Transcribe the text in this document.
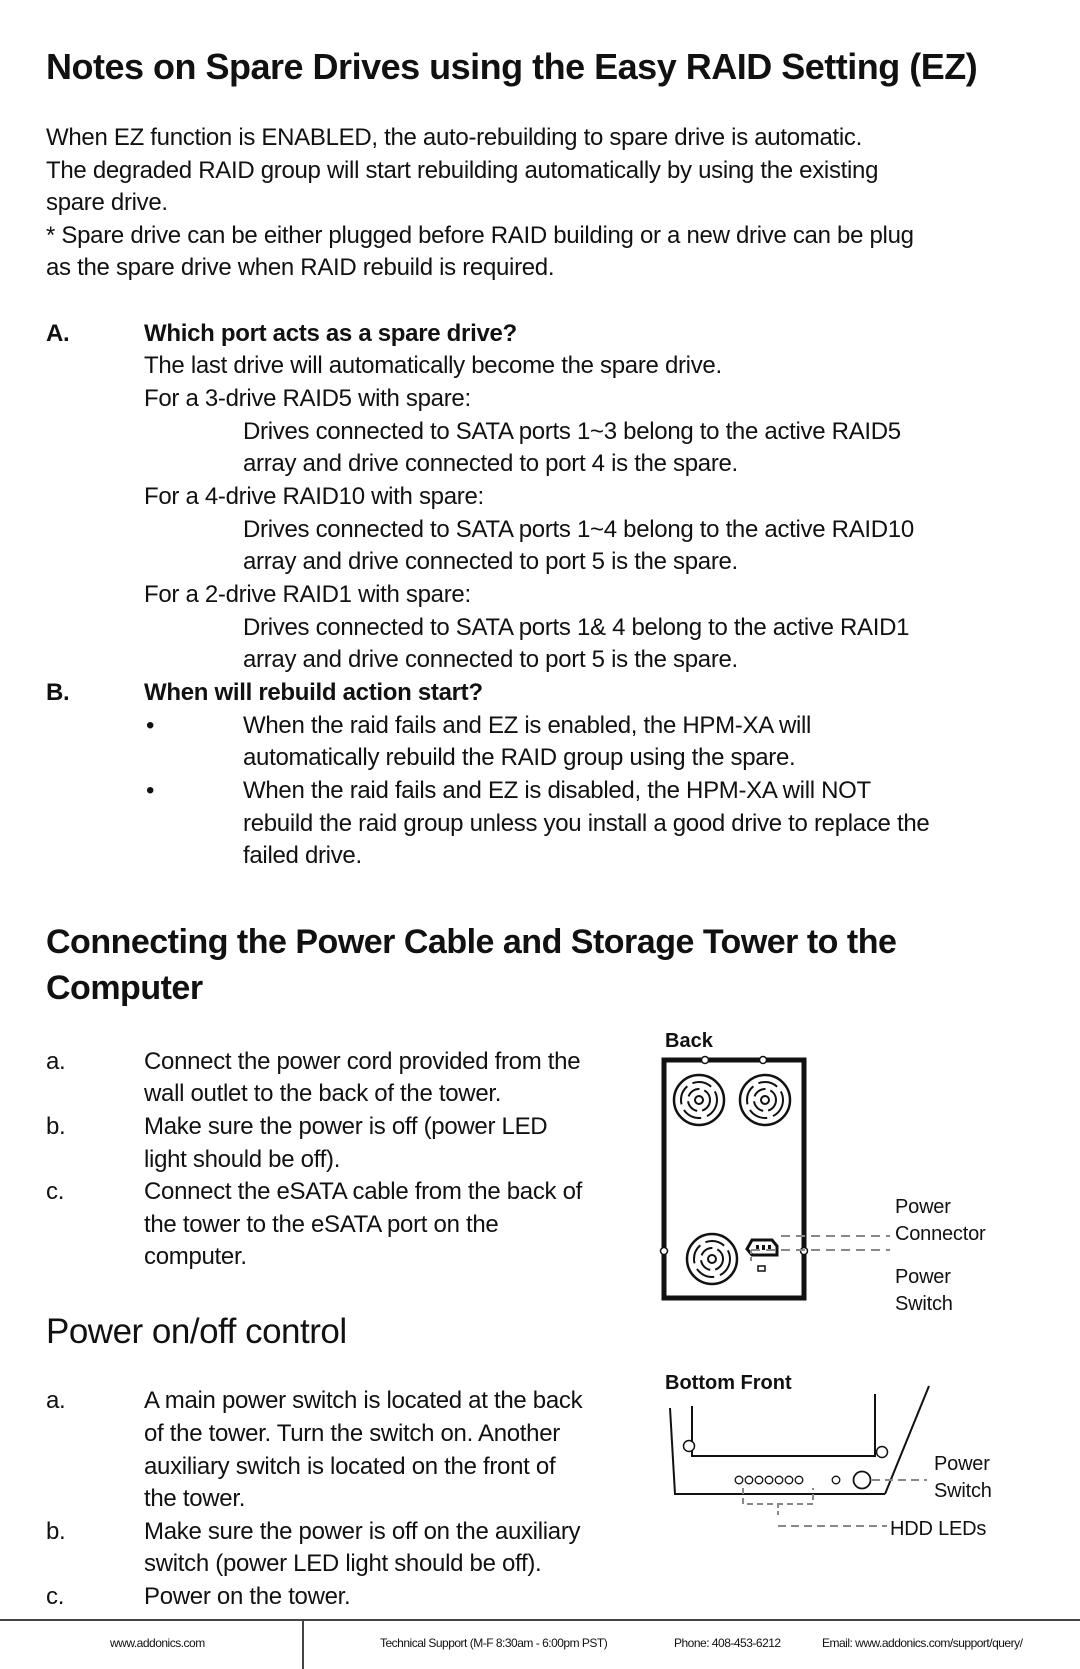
Notes on Spare Drives using the Easy RAID Setting (EZ)
When EZ function is ENABLED, the auto-rebuilding to spare drive is automatic.
The degraded RAID group will start rebuilding automatically by using the existing
spare drive.
* Spare drive can be either plugged before RAID building or a new drive can be plug
as the spare drive when RAID rebuild is required.
A.	Which port acts as a spare drive?
The last drive will automatically become the spare drive.
For a 3-drive RAID5 with spare:
Drives connected to SATA ports 1~3 belong to the active RAID5
array and drive connected to port 4 is the spare.
For a 4-drive RAID10 with spare:
Drives connected to SATA ports 1~4 belong to the active RAID10
array and drive connected to port 5 is the spare.
For a 2-drive RAID1 with spare:
Drives connected to SATA ports 1& 4 belong to the active RAID1
array and drive connected to port 5 is the spare.
B.	When will rebuild action start?
•	When the raid fails and EZ is enabled, the HPM-XA will
automatically rebuild the RAID group using the spare.
•	When the raid fails and EZ is disabled, the HPM-XA will NOT
rebuild the raid group unless you install a good drive to replace the
failed drive.
Connecting the Power Cable and Storage Tower to the
Computer
a.	Connect the power cord provided from the
wall outlet to the back of the tower.
b.	Make sure the power is off (power LED
light should be off).
c.	Connect the eSATA cable from the back of
the tower to the eSATA port on the
computer.
Power on/off control
a.	A main power switch is located at the back
of the tower. Turn the switch on. Another
auxiliary switch is located on the front of
the tower.
b.	Make sure the power is off on the auxiliary
switch (power LED light should be off).
c.	Power on the tower.
Back
Power
Connector
Power
Switch
Bottom Front
Power
Switch
HDD LEDs
www.addonics.com	Technical Support (M-F 8:30am - 6:00pm PST)	Phone: 408-453-6212	Email: www.addonics.com/support/query/
